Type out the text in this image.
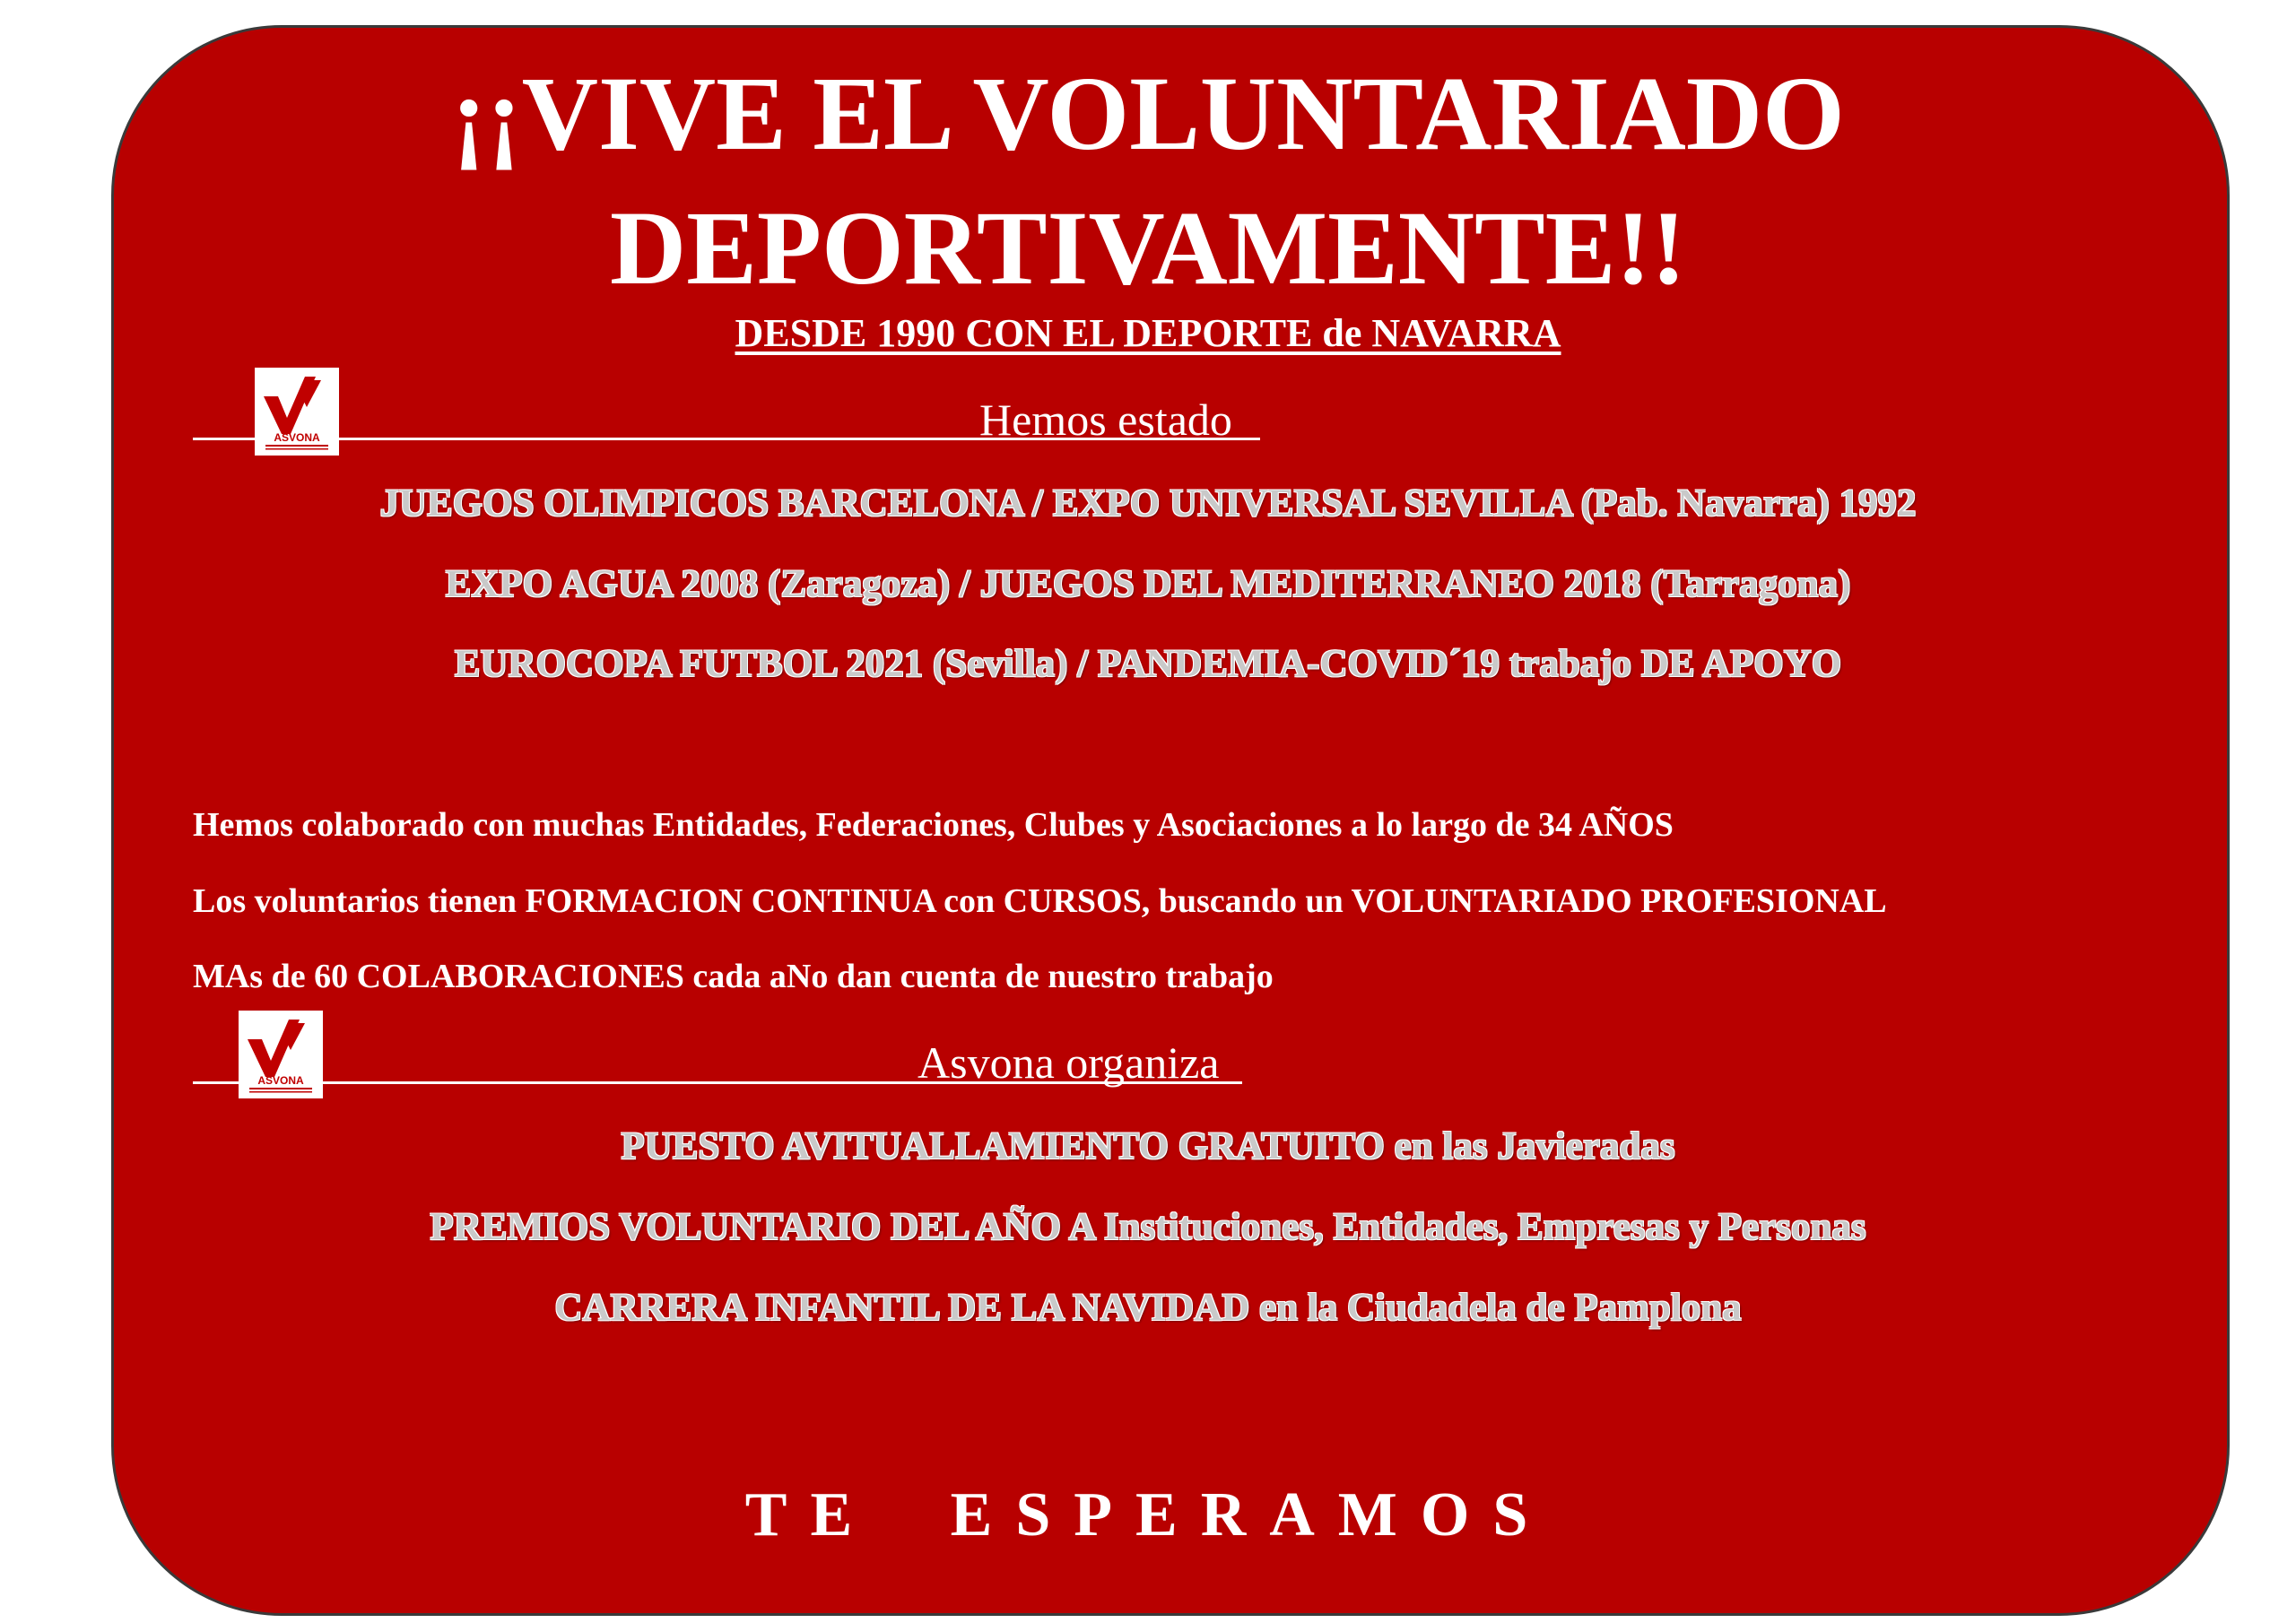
¡¡VIVE EL VOLUNTARIADO
DEPORTIVAMENTE!!
DESDE 1990 CON EL DEPORTE de NAVARRA
ASVONA	Hemos estado
JUEGOS OLIMPICOS BARCELONA / EXPO UNIVERSAL SEVILLA (Pab. Navarra) 1992
EXPO AGUA 2008 (Zaragoza) / JUEGOS DEL MEDITERRANEO 2018 (Tarragona)
EUROCOPA FUTBOL 2021 (Sevilla) / PANDEMIA-COVID´19 trabajo DE APOYO
Hemos colaborado con muchas Entidades, Federaciones, Clubes y Asociaciones a lo largo de 34 AÑOS
Los voluntarios tienen FORMACION CONTINUA con CURSOS, buscando un VOLUNTARIADO PROFESIONAL
MAs de 60 COLABORACIONES cada aNo dan cuenta de nuestro trabajo
ASVONA	Asvona organiza
PUESTO AVITUALLAMIENTO GRATUITO en las Javieradas
PREMIOS VOLUNTARIO DEL AÑO A Instituciones, Entidades, Empresas y Personas
CARRERA INFANTIL DE LA NAVIDAD en la Ciudadela de Pamplona
TE ESPERAMOS
